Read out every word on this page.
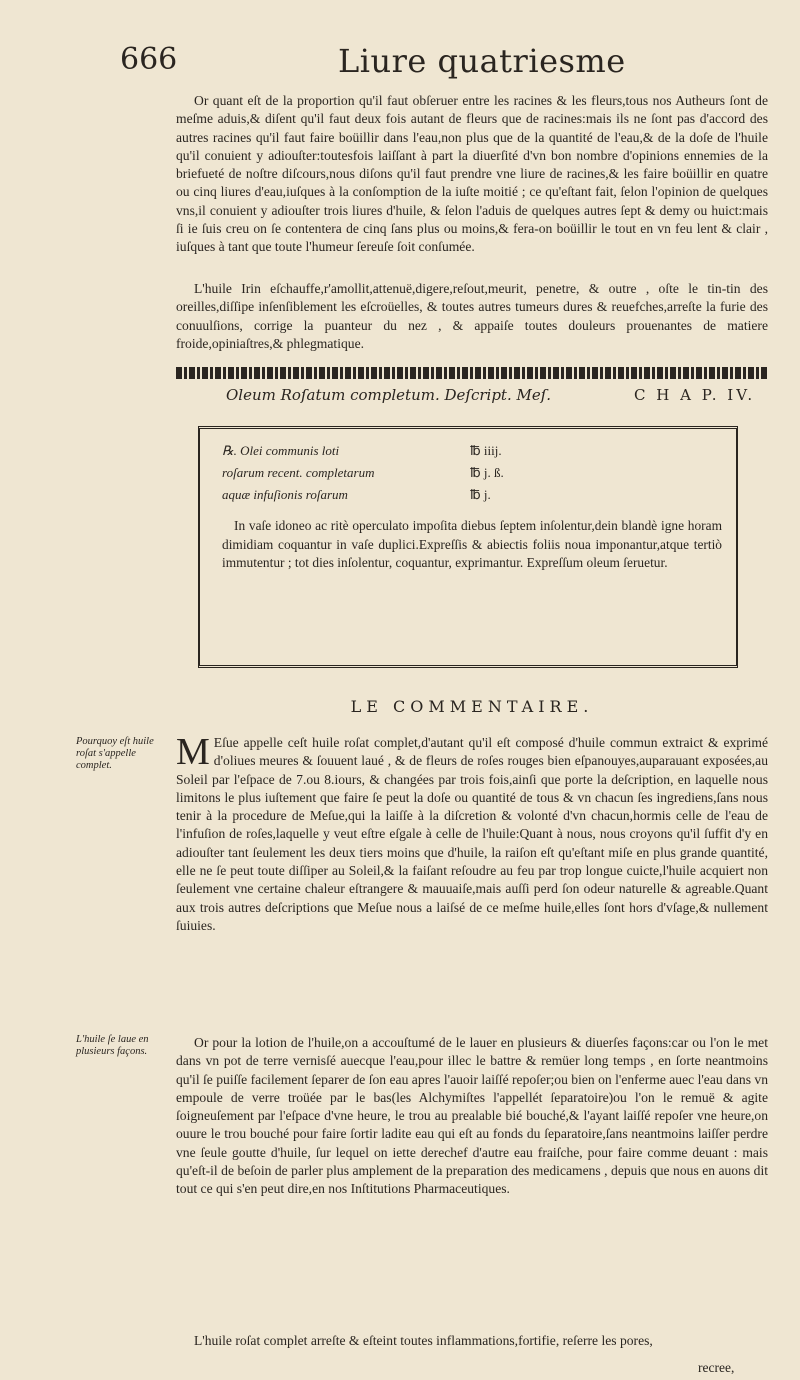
666	Liure quatriesme

Or quant eſt de la proportion qu'il faut obſeruer entre les racines & les fleurs,tous nos Autheurs ſont de meſme aduis,& diſent qu'il faut deux fois autant de fleurs que de racines:mais ils ne ſont pas d'accord des autres racines qu'il faut faire boüillir dans l'eau,non plus que de la quantité de l'eau,& de la doſe de l'huile qu'il conuient y adiouſter:toutesfois laiſſant à part la diuerſité d'vn bon nombre d'opinions ennemies de la briefueté de noſtre diſcours,nous diſons qu'il faut prendre vne liure de racines,& les faire boüillir en quatre ou cinq liures d'eau,iuſques à la conſomption de la iuſte moitié ; ce qu'eſtant fait, ſelon l'opinion de quelques vns,il conuient y adiouſter trois liures d'huile, & ſelon l'aduis de quelques autres ſept & demy ou huict:mais ſi ie ſuis creu on ſe contentera de cinq ſans plus ou moins,& fera-on boüillir le tout en vn feu lent & clair , iuſques à tant que toute l'humeur ſereuſe ſoit conſumée.

L'huile Irin eſchauffe,r'amollit,attenuë,digere,reſout,meurit, penetre, & outre , oſte le tin-tin des oreilles,diſſipe inſenſiblement les eſcroüelles, & toutes autres tumeurs dures & reuefches,arreſte la furie des conuulſions, corrige la puanteur du nez , & appaiſe toutes douleurs prouenantes de matiere froide,opiniaſtres,& phlegmatique.

Oleum Roſatum completum. Deſcript. Meſ.	C H A P. IV.
℞. Olei communis loti	℔ iiij.
roſarum recent. completarum	℔ j. ß.
aquæ infuſionis roſarum	℔ j.

In vaſe idoneo ac ritè operculato impoſita diebus ſeptem inſolentur,dein blandè igne horam dimidiam coquantur in vaſe duplici.Expreſſis & abiectis foliis noua imponantur,atque tertiò immutentur ; tot dies inſolentur, coquantur, exprimantur. Expreſſum oleum ſeruetur.

LE COMMENTAIRE.
Pourquoy eſt huile roſat s'appelle complet.
L'huile ſe laue en plusieurs façons.

M Eſue appelle ceſt huile roſat complet,d'autant qu'il eſt composé d'huile commun extraict & exprimé d'oliues meures & ſouuent laué , & de fleurs de roſes rouges bien eſpanouyes,auparauant exposées,au Soleil par l'eſpace de 7.ou 8.iours, & changées par trois fois,ainſi que porte la deſcription, en laquelle nous limitons le plus iuſtement que faire ſe peut la doſe ou quantité de tous & vn chacun ſes ingrediens,ſans nous tenir à la procedure de Meſue,qui la laiſſe à la diſcretion & volonté d'vn chacun,hormis celle de l'eau de l'infuſion de roſes,laquelle y veut eſtre eſgale à celle de l'huile:Quant à nous, nous croyons qu'il ſuffit d'y en adiouſter tant ſeulement les deux tiers moins que d'huile, la raiſon eſt qu'eſtant miſe en plus grande quantité, elle ne ſe peut toute diſſiper au Soleil,& la faiſant reſoudre au feu par trop longue cuicte,l'huile acquiert non ſeulement vne certaine chaleur eſtrangere & mauuaiſe,mais auſſi perd ſon odeur naturelle & agreable.Quant aux trois autres deſcriptions que Meſue nous a laiſsé de ce meſme huile,elles ſont hors d'vſage,& nullement ſuiuies.

Or pour la lotion de l'huile,on a accouſtumé de le lauer en plusieurs & diuerſes façons:car ou l'on le met dans vn pot de terre vernisſé auecque l'eau,pour illec le battre & remüer long temps , en ſorte neantmoins qu'il ſe puiſſe facilement ſeparer de ſon eau apres l'auoir laiſſé repoſer;ou bien on l'enferme auec l'eau dans vn empoule de verre troüée par le bas(les Alchymiſtes l'appellét ſeparatoire)ou l'on le remuë & agite ſoigneuſement par l'eſpace d'vne heure, le trou au prealable bié bouché,& l'ayant laiſſé repoſer vne heure,on ouure le trou bouché pour faire ſortir ladite eau qui eſt au fonds du ſeparatoire,ſans neantmoins laiſſer perdre vne ſeule goutte d'huile, ſur lequel on iette derechef d'autre eau fraiſche, pour faire comme deuant : mais qu'eſt-il de beſoin de parler plus amplement de la preparation des medicamens , depuis que nous en auons dit tout ce qui s'en peut dire,en nos Inſtitutions Pharmaceutiques.

L'huile roſat complet arreſte & eſteint toutes inflammations,fortifie, reſerre les pores,

recree,
